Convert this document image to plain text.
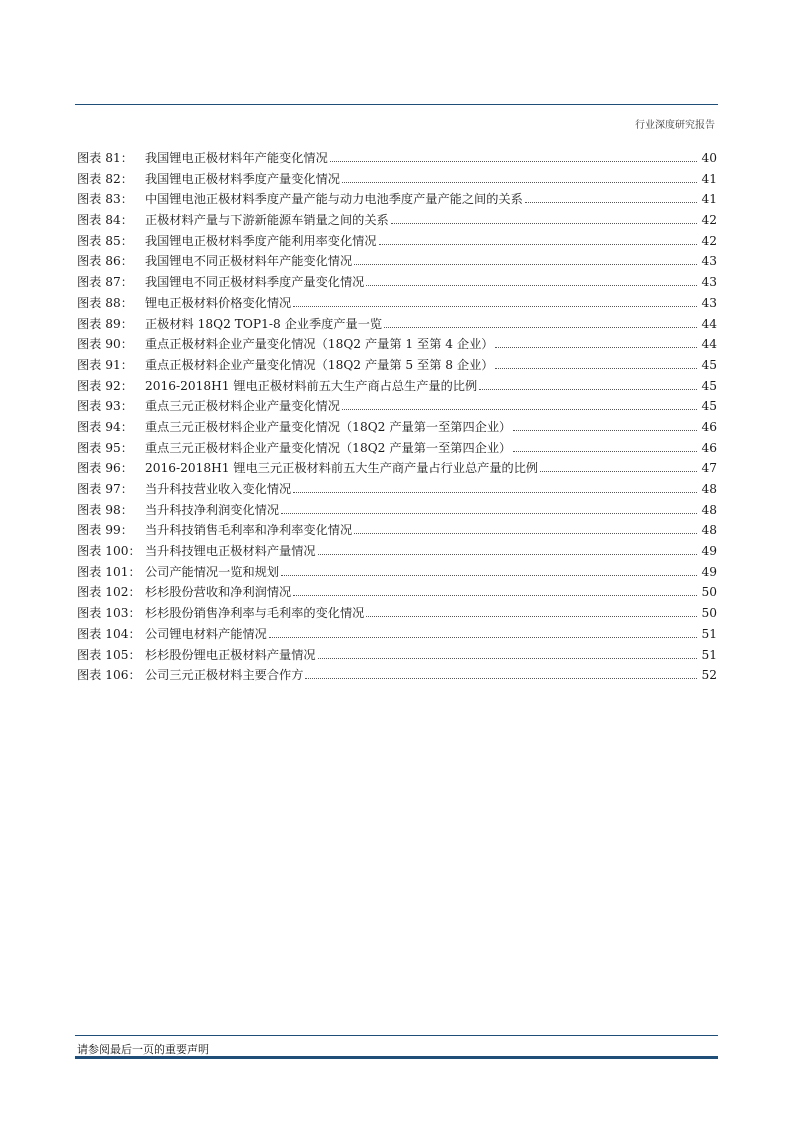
行业深度研究报告
图表 81： 我国锂电正极材料年产能变化情况	40
图表 82： 我国锂电正极材料季度产量变化情况	41
图表 83： 中国锂电池正极材料季度产量产能与动力电池季度产量产能之间的关系	41
图表 84： 正极材料产量与下游新能源车销量之间的关系	42
图表 85： 我国锂电正极材料季度产能利用率变化情况	42
图表 86： 我国锂电不同正极材料年产能变化情况	43
图表 87： 我国锂电不同正极材料季度产量变化情况	43
图表 88： 锂电正极材料价格变化情况	43
图表 89： 正极材料 18Q2 TOP1-8 企业季度产量一览	44
图表 90： 重点正极材料企业产量变化情况（18Q2 产量第 1 至第 4 企业）	44
图表 91： 重点正极材料企业产量变化情况（18Q2 产量第 5 至第 8 企业）	45
图表 92： 2016-2018H1 锂电正极材料前五大生产商占总生产量的比例	45
图表 93： 重点三元正极材料企业产量变化情况	45
图表 94： 重点三元正极材料企业产量变化情况（18Q2 产量第一至第四企业）	46
图表 95： 重点三元正极材料企业产量变化情况（18Q2 产量第一至第四企业）	46
图表 96： 2016-2018H1 锂电三元正极材料前五大生产商产量占行业总产量的比例	47
图表 97： 当升科技营业收入变化情况	48
图表 98： 当升科技净利润变化情况	48
图表 99： 当升科技销售毛利率和净利率变化情况	48
图表 100： 当升科技锂电正极材料产量情况	49
图表 101： 公司产能情况一览和规划	49
图表 102： 杉杉股份营收和净利润情况	50
图表 103： 杉杉股份销售净利率与毛利率的变化情况	50
图表 104： 公司锂电材料产能情况	51
图表 105： 杉杉股份锂电正极材料产量情况	51
图表 106： 公司三元正极材料主要合作方	52
请参阅最后一页的重要声明
